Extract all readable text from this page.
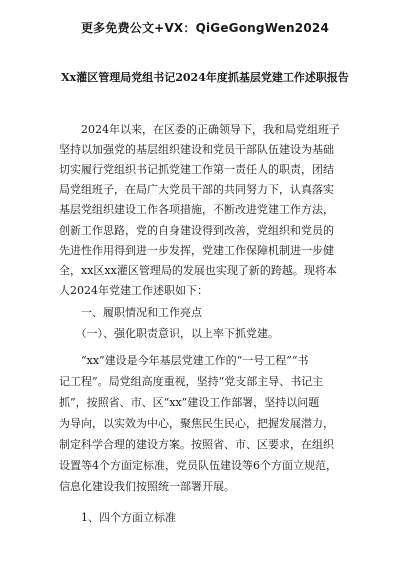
更多免费公文+VX：QiGeGongWen2024
Xx灌区管理局党组书记2024年度抓基层党建工作述职报告
　　2024年以来，在区委的正确领导下，我和局党组班子
坚持以加强党的基层组织建设和党员干部队伍建设为基础
切实履行党组织书记抓党建工作第一责任人的职责，团结
局党组班子，在局广大党员干部的共同努力下，认真落实
基层党组织建设工作各项措施，不断改进党建工作方法，
创新工作思路，党的自身建设得到改善，党组织和党员的
先进性作用得到进一步发挥，党建工作保障机制进一步健
全，xx区xx灌区管理局的发展也实现了新的跨越。现将本
人2024年党建工作述职如下：
　　一、履职情况和工作亮点
　　（一）、强化职责意识，以上率下抓党建。
　　“xx”建设是今年基层党建工作的“一号工程”“书
记工程”。局党组高度重视，坚持“党支部主导、书记主
抓”，按照省、市、区“xx”建设工作部署，坚持以问题
为导向，以实效为中心，聚焦民生民心，把握发展潜力，
制定科学合理的建设方案。按照省、市、区要求，在组织
设置等4个方面定标准，党员队伍建设等6个方面立规范，
信息化建设我们按照统一部署开展。
　　1、四个方面立标准
